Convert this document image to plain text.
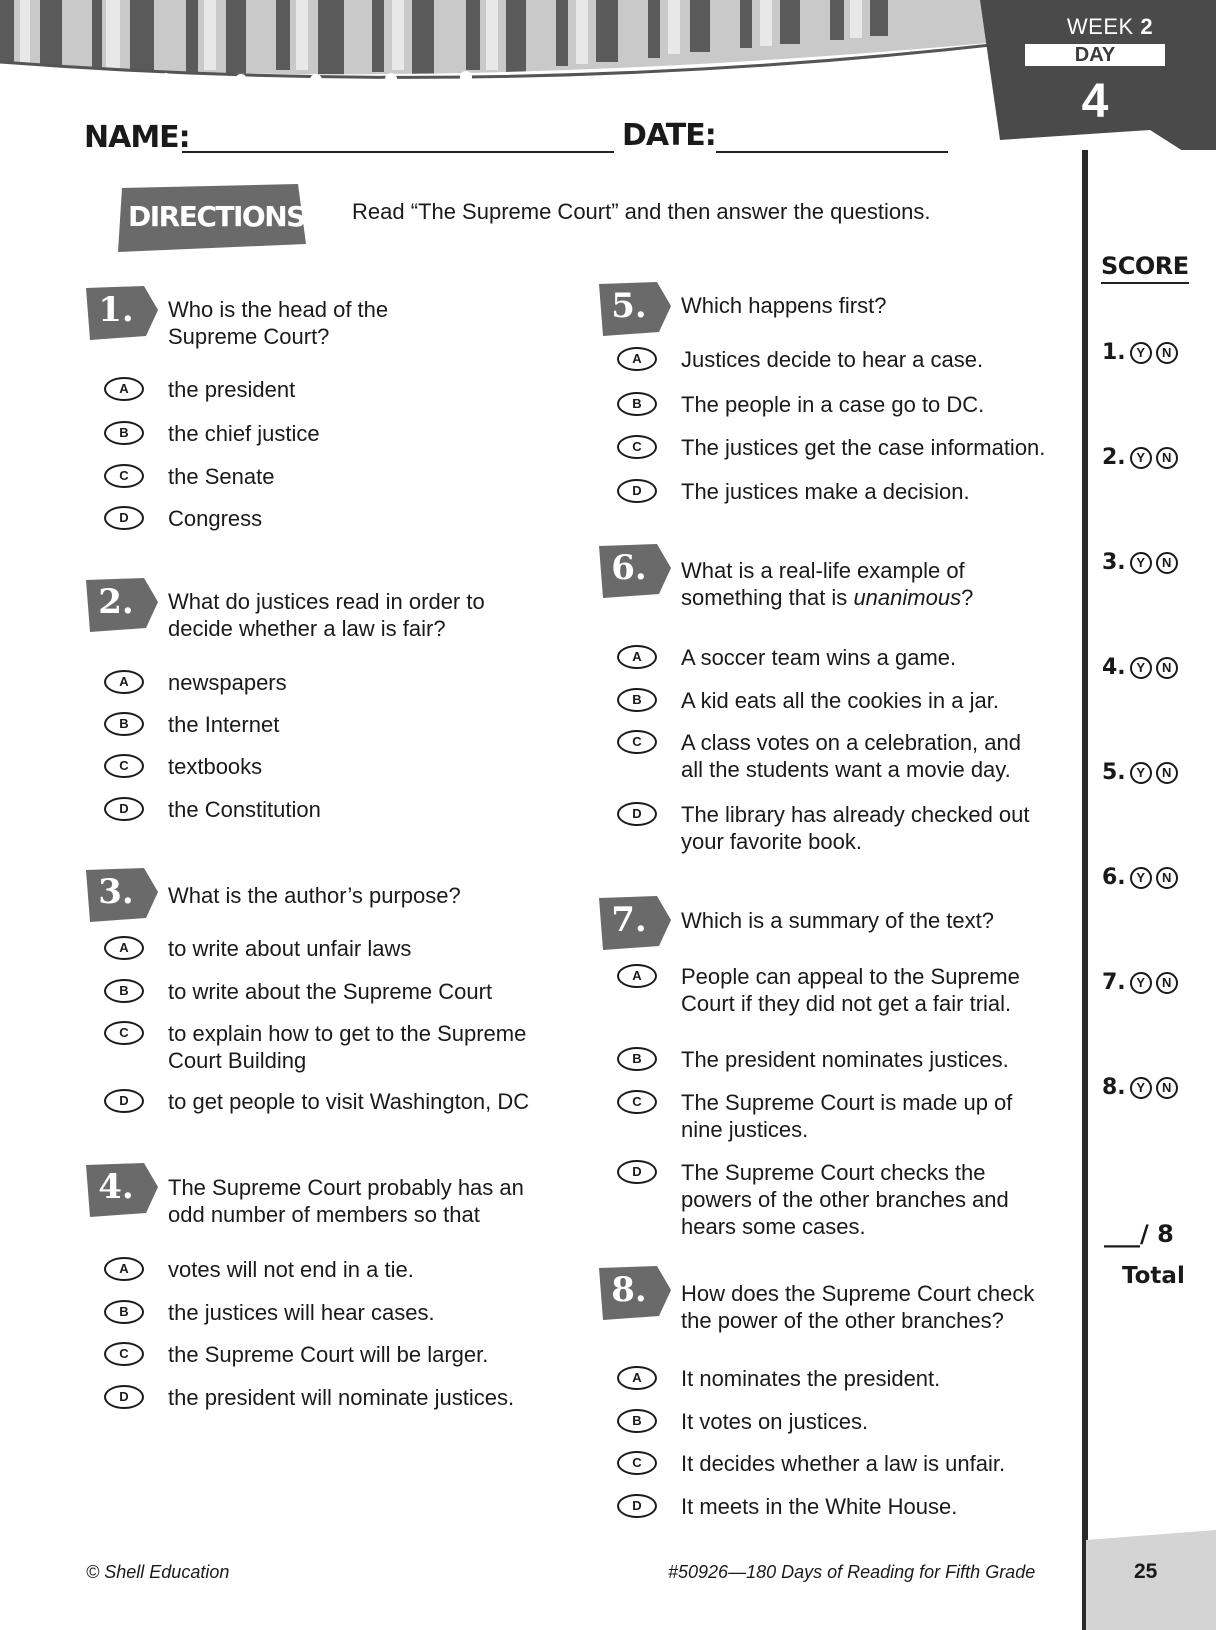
WEEK 2
DAY
4
NAME:	DATE:
DIRECTIONS Read “The Supreme Court” and then answer the questions.
1.	Who is the head of the
Supreme Court?
A	the president
B	the chief justice
C	the Senate
D	Congress
2.	What do justices read in order to
decide whether a law is fair?
A	newspapers
B	the Internet
C	textbooks
D	the Constitution
3.	What is the author’s purpose?
A	to write about unfair laws
B	to write about the Supreme Court
C	to explain how to get to the Supreme
Court Building
D	to get people to visit Washington, DC
4.	The Supreme Court probably has an
odd number of members so that
A	votes will not end in a tie.
B	the justices will hear cases.
C	the Supreme Court will be larger.
D	the president will nominate justices.
5.	Which happens first?
A	Justices decide to hear a case.
B	The people in a case go to DC.
C	The justices get the case information.
D	The justices make a decision.
6.	What is a real-life example of
something that is unanimous?
A	A soccer team wins a game.
B	A kid eats all the cookies in a jar.
C	A class votes on a celebration, and
all the students want a movie day.
D	The library has already checked out
your favorite book.
7.	Which is a summary of the text?
A	People can appeal to the Supreme
Court if they did not get a fair trial.
B	The president nominates justices.
C	The Supreme Court is made up of
nine justices.
D	The Supreme Court checks the
powers of the other branches and
hears some cases.
8.	How does the Supreme Court check
the power of the other branches?
A	It nominates the president.
B	It votes on justices.
C	It decides whether a law is unfair.
D	It meets in the White House.
SCORE
1. Y	N
2. Y	N
3. Y	N
4. Y	N
5. Y	N
6. Y	N
7. Y	N
8. Y	N
___/ 8
Total
25
© Shell Education	#50926—180 Days of Reading for Fifth Grade
